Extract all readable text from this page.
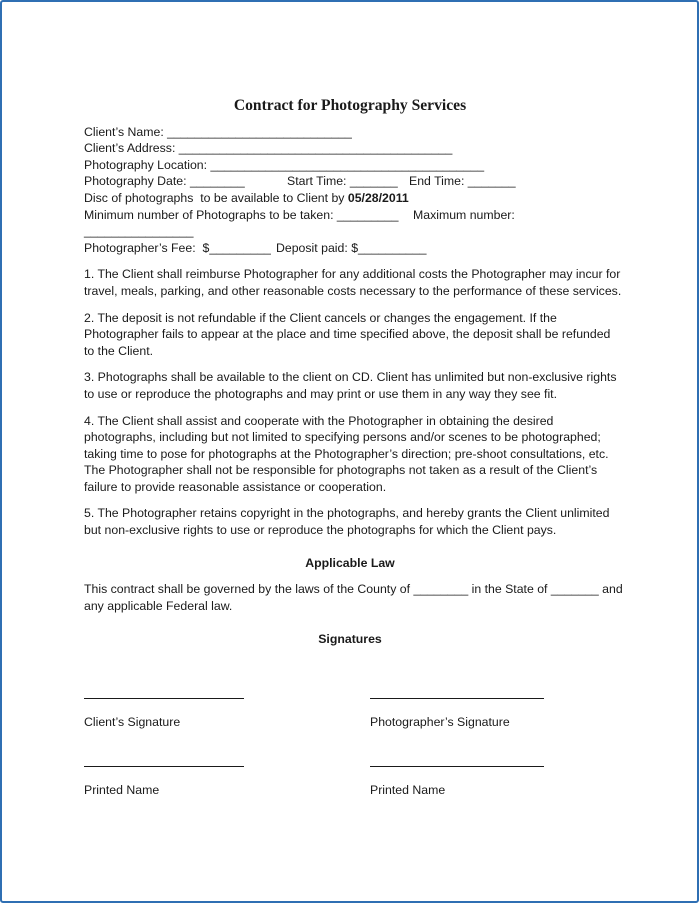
Contract for Photography Services
Client’s Name: ___________________________
Client’s Address: ________________________________________
Photography Location: ________________________________________
Photography Date: ________	Start Time: _______ End Time: _______
Disc of photographs  to be available to Client by 05/28/2011
Minimum number of Photographs to be taken: _________	Maximum number:
________________
Photographer’s Fee:  $_________ Deposit paid: $__________

1. The Client shall reimburse Photographer for any additional costs the Photographer may incur for travel, meals, parking, and other reasonable costs necessary to the performance of these services.

2. The deposit is not refundable if the Client cancels or changes the engagement. If the Photographer fails to appear at the place and time specified above, the deposit shall be refunded to the Client.

3. Photographs shall be available to the client on CD. Client has unlimited but non-exclusive rights to use or reproduce the photographs and may print or use them in any way they see fit.

4. The Client shall assist and cooperate with the Photographer in obtaining the desired photographs, including but not limited to specifying persons and/or scenes to be photographed; taking time to pose for photographs at the Photographer’s direction; pre-shoot consultations, etc. The Photographer shall not be responsible for photographs not taken as a result of the Client’s failure to provide reasonable assistance or cooperation.

5. The Photographer retains copyright in the photographs, and hereby grants the Client unlimited but non-exclusive rights to use or reproduce the photographs for which the Client pays.

Applicable Law

This contract shall be governed by the laws of the County of ________ in the State of _______ and any applicable Federal law.

Signatures
Client’s Signature
Printed Name
Photographer’s Signature
Printed Name
